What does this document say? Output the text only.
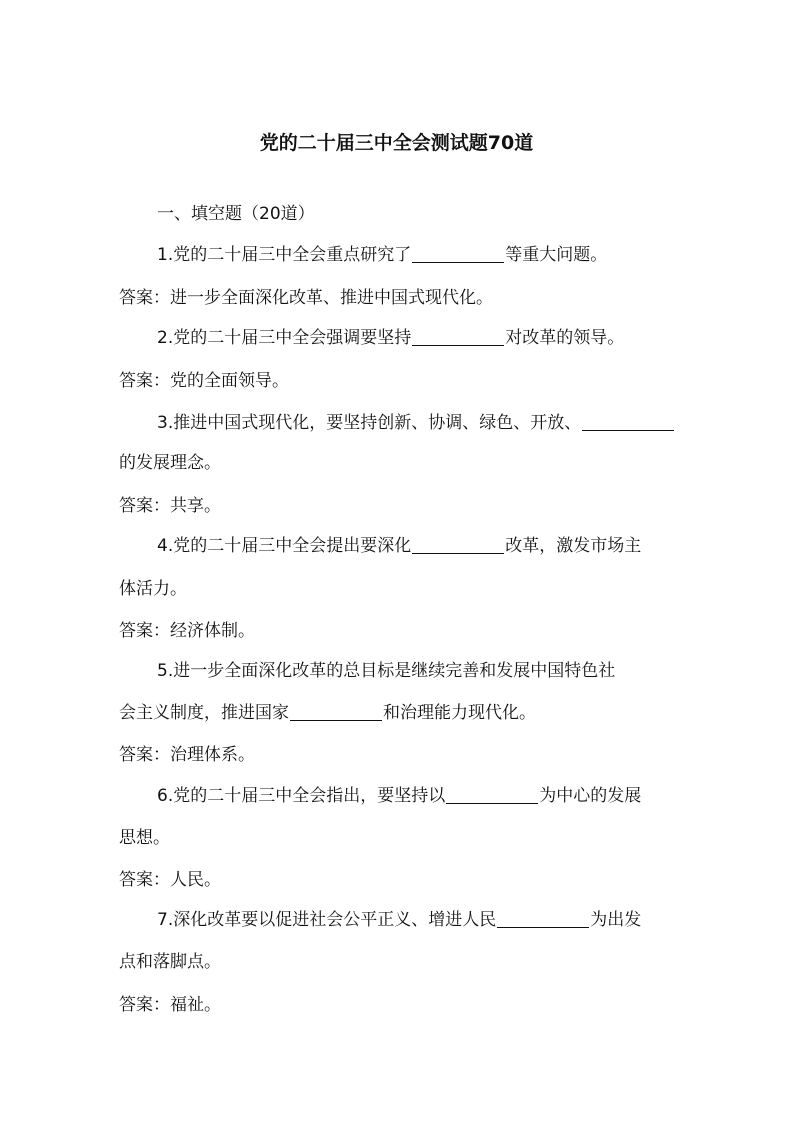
党的二十届三中全会测试题70道

一、填空题（20道）

1.党的二十届三中全会重点研究了	等重大问题。

答案：进一步全面深化改革、推进中国式现代化。

2.党的二十届三中全会强调要坚持	对改革的领导。

答案：党的全面领导。

3.推进中国式现代化，要坚持创新、协调、绿色、开放、

的发展理念。

答案：共享。

4.党的二十届三中全会提出要深化	改革，激发市场主

体活力。

答案：经济体制。

5.进一步全面深化改革的总目标是继续完善和发展中国特色社

会主义制度，推进国家	和治理能力现代化。

答案：治理体系。

6.党的二十届三中全会指出，要坚持以	为中心的发展

思想。

答案：人民。

7.深化改革要以促进社会公平正义、增进人民	为出发

点和落脚点。

答案：福祉。
